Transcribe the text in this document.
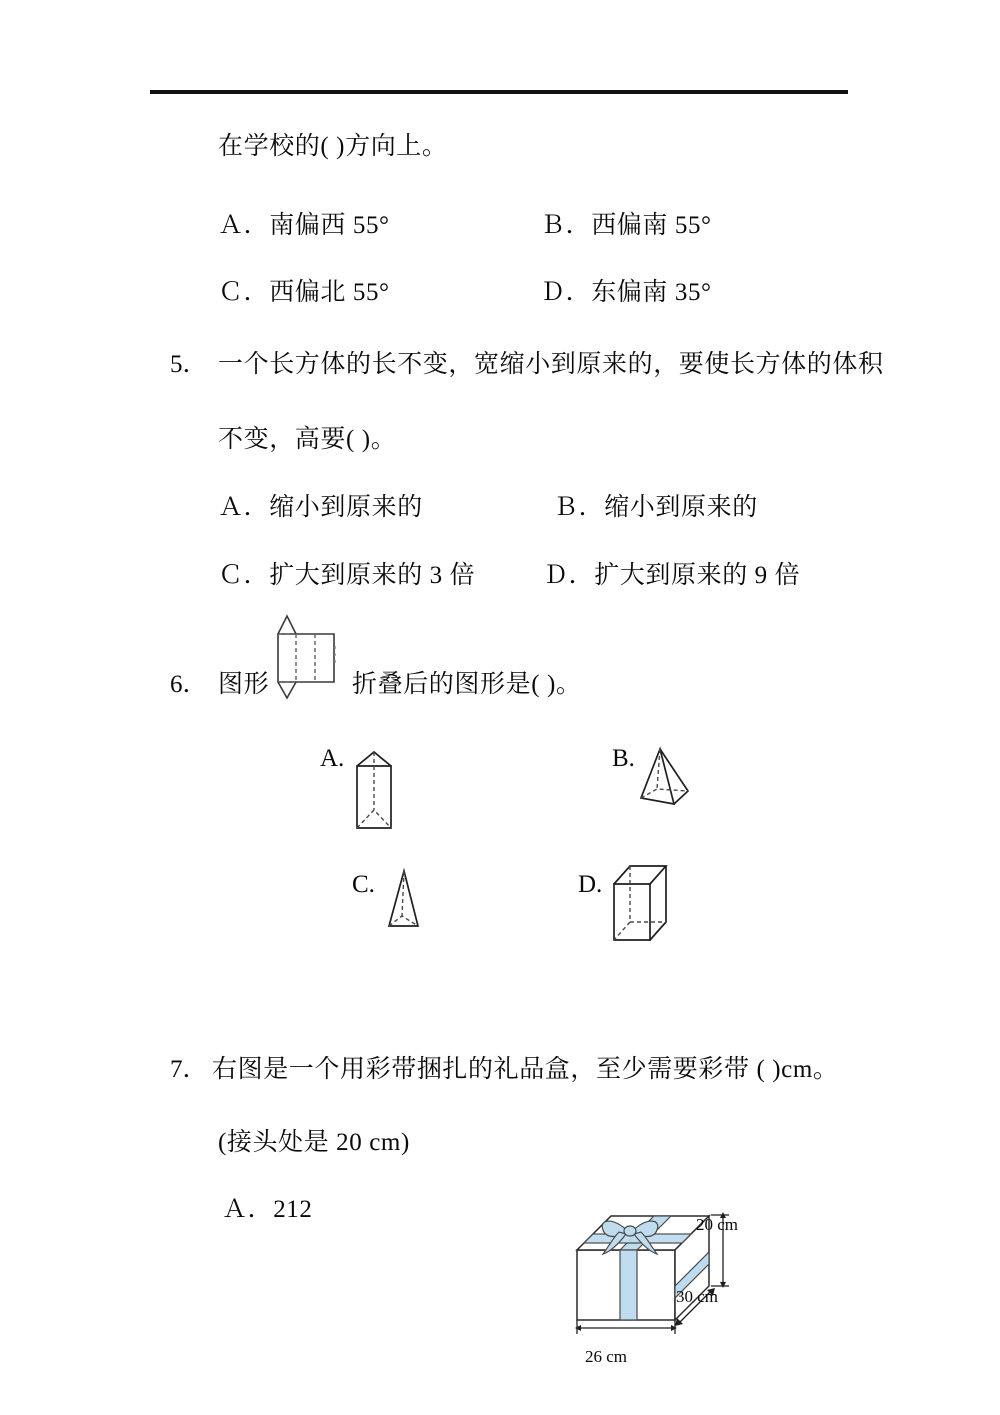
在学校的( )方向上。
Ａ．南偏西 55°	Ｂ．西偏南 55°
Ｃ．西偏北 55°	Ｄ．东偏南 35°
5． 一个长方体的长不变，宽缩小到原来的，要使长方体的体积
不变，高要( )。
Ａ．缩小到原来的	Ｂ．缩小到原来的
Ｃ．扩大到原来的 3 倍	Ｄ．扩大到原来的 9 倍
6． 图形	折叠后的图形是( )。
A.	B.
C.	D.
7． 右图是一个用彩带捆扎的礼品盒，至少需要彩带 ( )cm。
(接头处是 20 cm)
Ａ．212
20 cm
30 cm
26 cm
